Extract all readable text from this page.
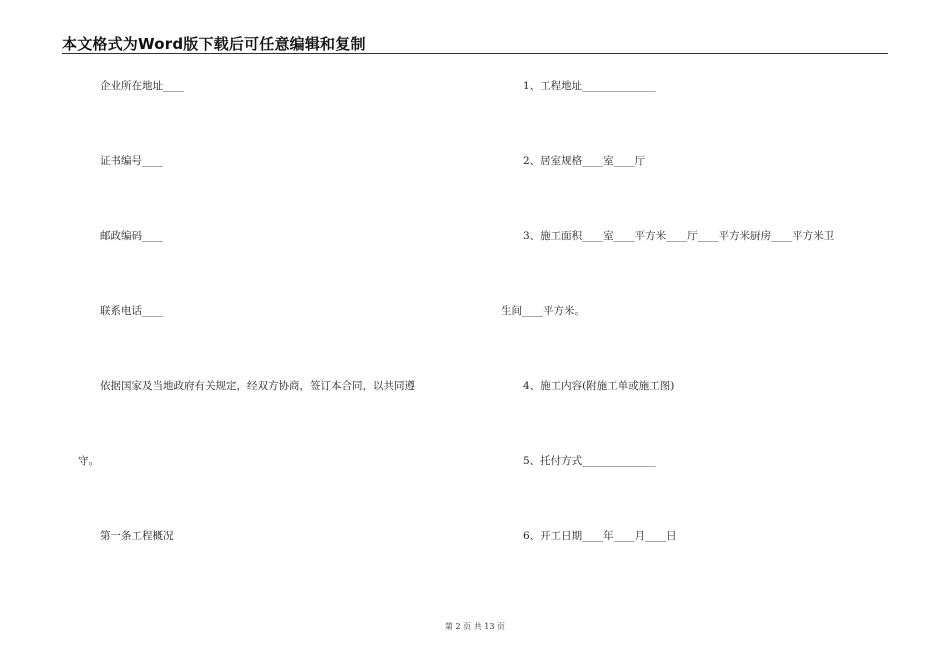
本文格式为Word版下载后可任意编辑和复制
企业所在地址____
证书编号____
邮政编码____
联系电话____
依据国家及当地政府有关规定，经双方协商，签订本合同，以共同遵
守。
第一条工程概况
1、工程地址______________
2、居室规格____室____厅
3、施工面积____室____平方米____厅____平方米厨房____平方米卫
生间____平方米。
4、施工内容(附施工单或施工图)
5、托付方式______________
6、开工日期____年____月____日
第 2 页 共 13 页
